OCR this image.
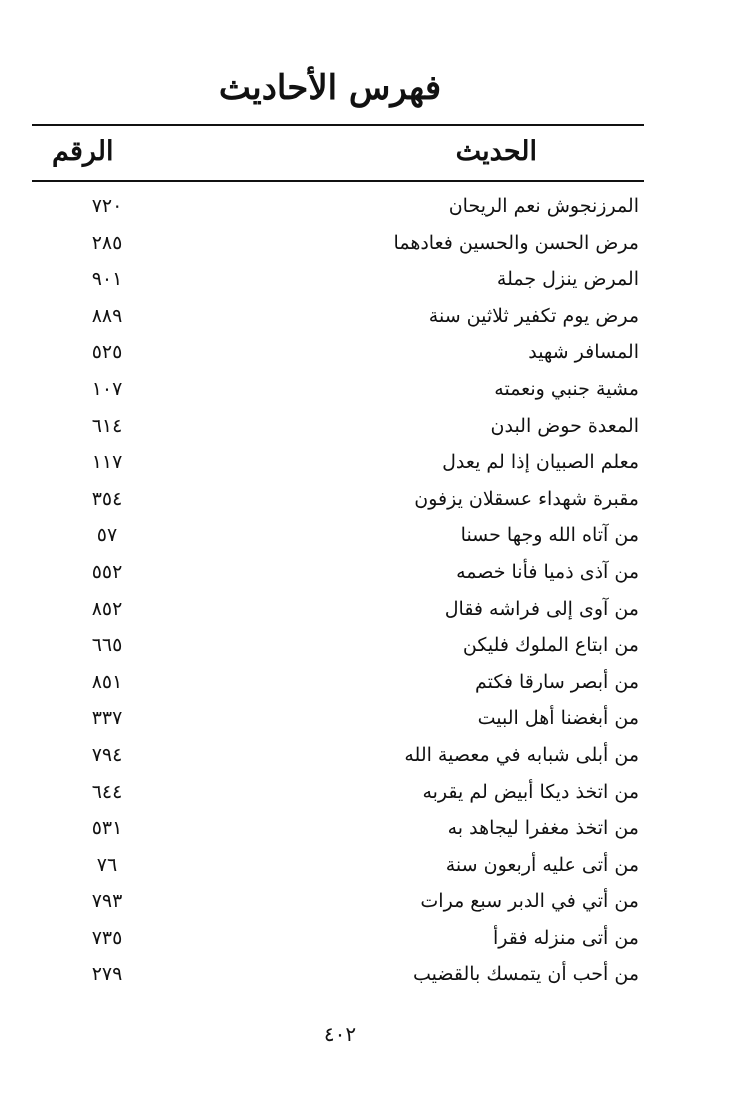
فهرس الأحاديث
الحديث
الرقم
المرزنجوش نعم الريحان
٧٢٠
مرض الحسن والحسين فعادهما
٢٨٥
المرض ينزل جملة
٩٠١
مرض يوم تكفير ثلاثين سنة
٨٨٩
المسافر شهيد
٥٢٥
مشية جنبي ونعمته
١٠٧
المعدة حوض البدن
٦١٤
معلم الصبيان إذا لم يعدل
١١٧
مقبرة شهداء عسقلان يزفون
٣٥٤
من آتاه الله وجها حسنا
٥٧
من آذى ذميا فأنا خصمه
٥٥٢
من آوى إلى فراشه فقال
٨٥٢
من ابتاع الملوك فليكن
٦٦٥
من أبصر سارقا فكتم
٨٥١
من أبغضنا أهل البيت
٣٣٧
من أبلى شبابه في معصية الله
٧٩٤
من اتخذ ديكا أبيض لم يقربه
٦٤٤
من اتخذ مغفرا ليجاهد به
٥٣١
من أتى عليه أربعون سنة
٧٦
من أتي في الدبر سبع مرات
٧٩٣
من أتى منزله فقرأ
٧٣٥
من أحب أن يتمسك بالقضيب
٢٧٩
٤٠٢
